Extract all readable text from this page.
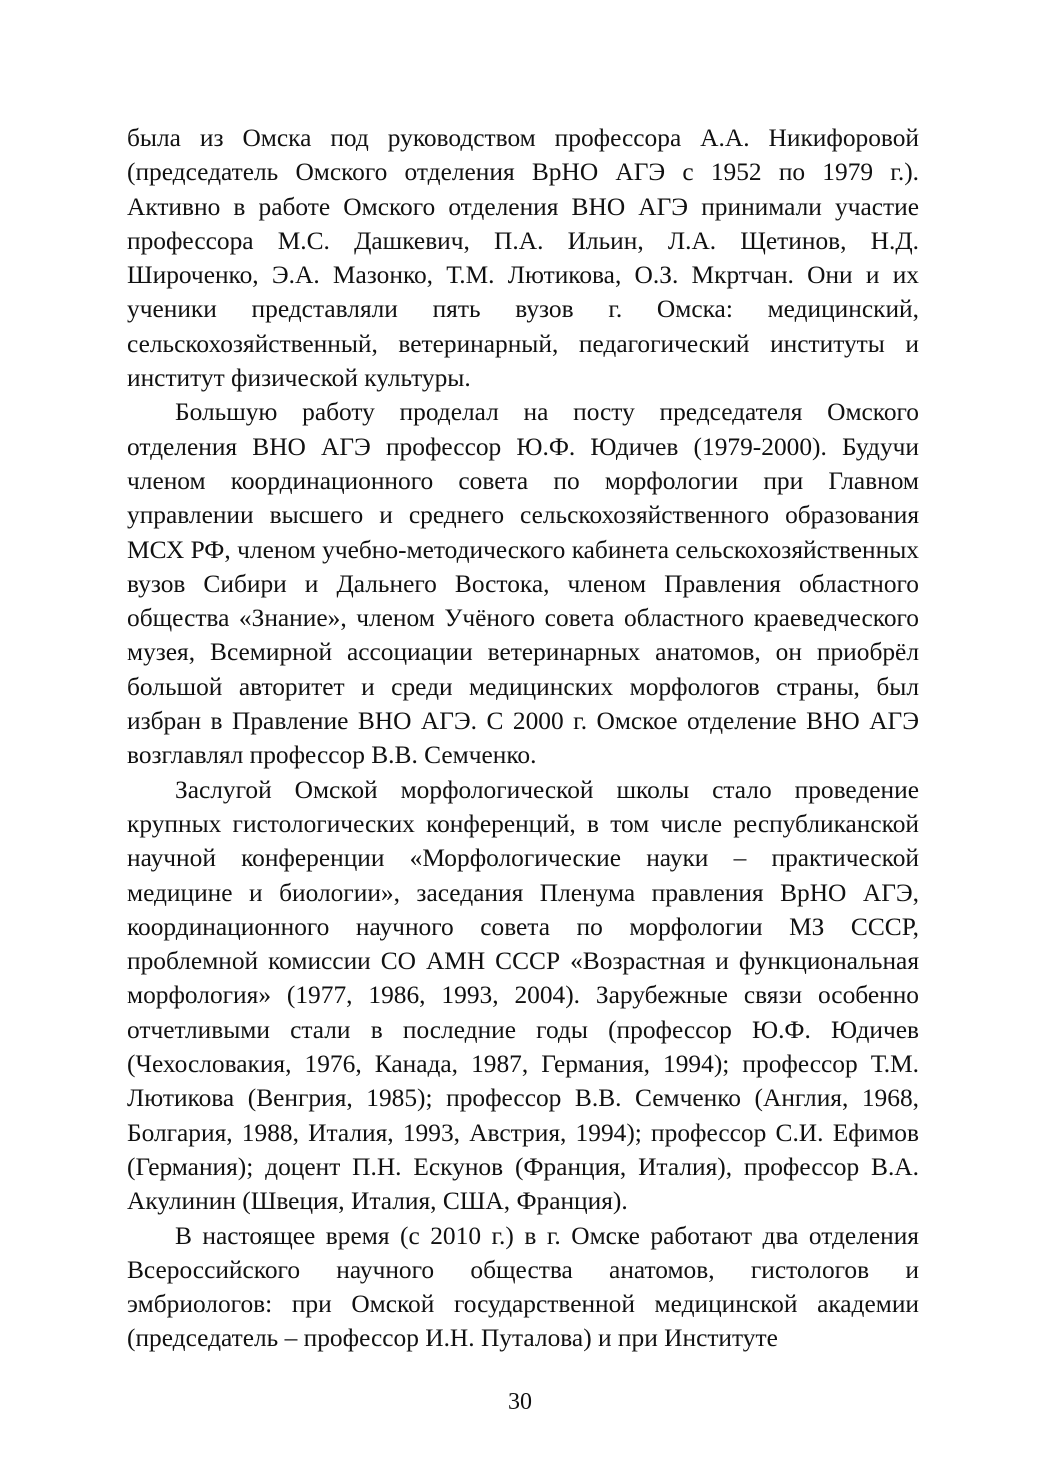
была из Омска под руководством профессора А.А. Никифоровой (председатель Омского отделения ВрНО АГЭ с 1952 по 1979 г.). Активно в работе Омского отделения ВНО АГЭ принимали участие профессора М.С. Дашкевич, П.А. Ильин, Л.А. Щетинов, Н.Д. Широченко, Э.А. Мазонко, Т.М. Лютикова, О.З. Мкртчан. Они и их ученики представляли пять вузов г. Омска: медицинский, сельскохозяйственный, ветеринарный, педагогический институты и институт физической культуры.

Большую работу проделал на посту председателя Омского отделения ВНО АГЭ профессор Ю.Ф. Юдичев (1979-2000). Будучи членом координационного совета по морфологии при Главном управлении высшего и среднего сельскохозяйственного образования МСХ РФ, членом учебно-методического кабинета сельскохозяйственных вузов Сибири и Дальнего Востока, членом Правления областного общества «Знание», членом Учёного совета областного краеведческого музея, Всемирной ассоциации ветеринарных анатомов, он приобрёл большой авторитет и среди медицинских морфологов страны, был избран в Правление ВНО АГЭ. С 2000 г. Омское отделение ВНО АГЭ возглавлял профессор В.В. Семченко.

Заслугой Омской морфологической школы стало проведение крупных гистологических конференций, в том числе республиканской научной конференции «Морфологические науки – практической медицине и биологии», заседания Пленума правления ВрНО АГЭ, координационного научного совета по морфологии МЗ СССР, проблемной комиссии СО АМН СССР «Возрастная и функциональная морфология» (1977, 1986, 1993, 2004). Зарубежные связи особенно отчетливыми стали в последние годы (профессор Ю.Ф. Юдичев (Чехословакия, 1976, Канада, 1987, Германия, 1994); профессор Т.М. Лютикова (Венгрия, 1985); профессор В.В. Семченко (Англия, 1968, Болгария, 1988, Италия, 1993, Австрия, 1994); профессор С.И. Ефимов (Германия); доцент П.Н. Ескунов (Франция, Италия), профессор В.А. Акулинин (Швеция, Италия, США, Франция).

В настоящее время (с 2010 г.) в г. Омске работают два отделения Всероссийского научного общества анатомов, гистологов и эмбриологов: при Омской государственной медицинской академии (председатель – профессор И.Н. Путалова) и при Институте

30
